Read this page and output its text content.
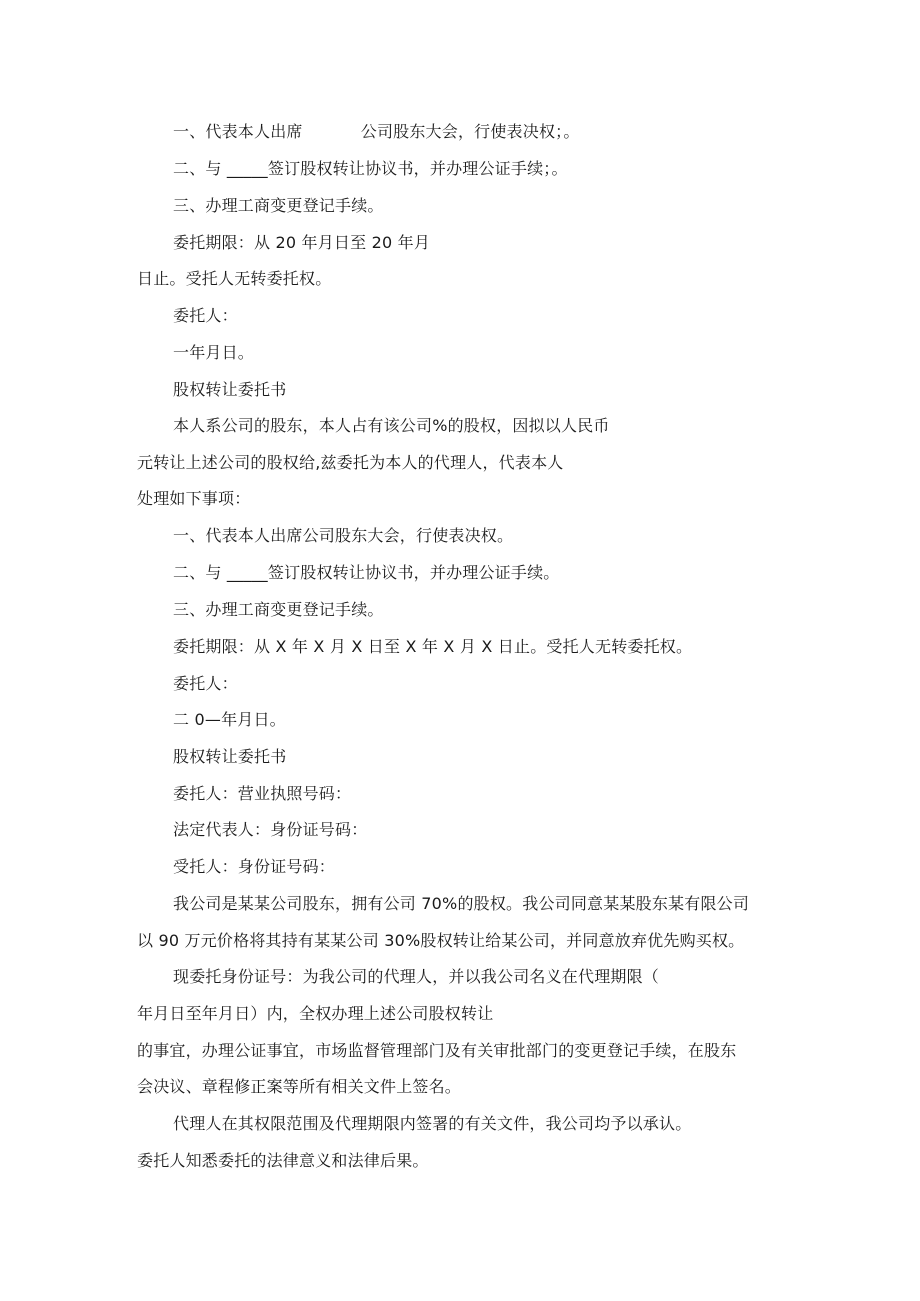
一、代表本人出席           公司股东大会，行使表决权；。
二、与 _____签订股权转让协议书，并办理公证手续；。
三、办理工商变更登记手续。
委托期限：从 20 年月日至 20 年月
日止。受托人无转委托权。
委托人：
一年月日。
股权转让委托书
本人系公司的股东，本人占有该公司%的股权，因拟以人民币
元转让上述公司的股权给,兹委托为本人的代理人，代表本人
处理如下事项：
一、代表本人出席公司股东大会，行使表决权。
二、与 _____签订股权转让协议书，并办理公证手续。
三、办理工商变更登记手续。
委托期限：从 X 年 X 月 X 日至 X 年 X 月 X 日止。受托人无转委托权。
委托人：
二 0—年月日。
股权转让委托书
委托人：营业执照号码：
法定代表人：身份证号码：
受托人：身份证号码：
我公司是某某公司股东，拥有公司 70%的股权。我公司同意某某股东某有限公司
以 90 万元价格将其持有某某公司 30%股权转让给某公司，并同意放弃优先购买权。
现委托身份证号：为我公司的代理人，并以我公司名义在代理期限（
年月日至年月日）内，全权办理上述公司股权转让
的事宜，办理公证事宜，市场监督管理部门及有关审批部门的变更登记手续，在股东
会决议、章程修正案等所有相关文件上签名。
代理人在其权限范围及代理期限内签署的有关文件，我公司均予以承认。
委托人知悉委托的法律意义和法律后果。
